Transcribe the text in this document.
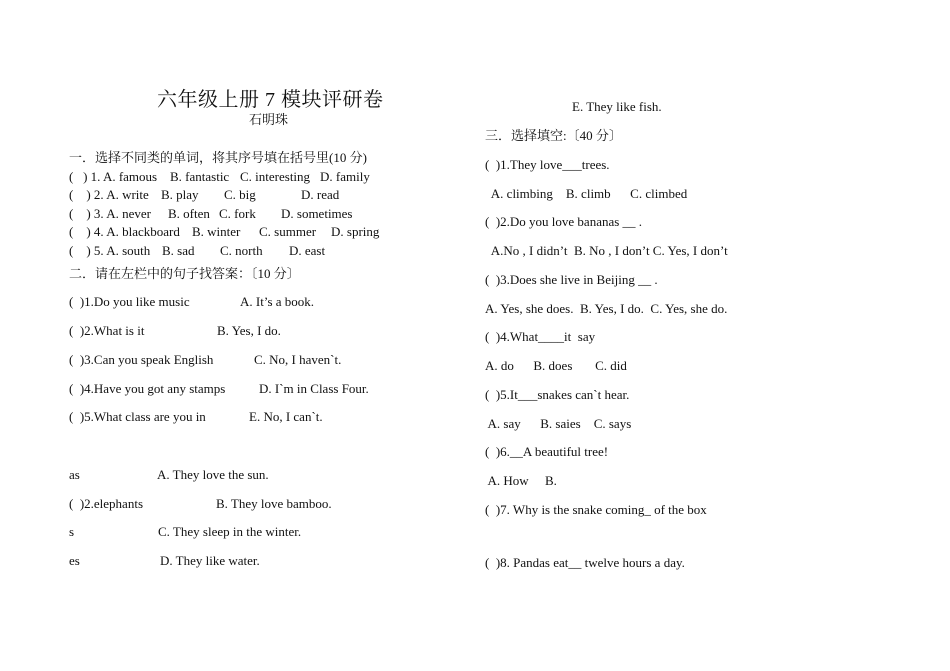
六年级上册 7 模块评研卷
石明珠
一．选择不同类的单词，将其序号填在括号里(10 分)
(   ) 1. A. famous B. fantastic C. interesting D. family
(    ) 2. A. write B. play C. big	D. read
(    ) 3. A. never B. often C. fork D. sometimes
(    ) 4. A. blackboard B. winter C. summer D. spring
(    ) 5. A. south B. sad C. north D. east
二．请在左栏中的句子找答案：〔10 分〕
(  )1.Do you like music	A. It’s a book.
(  )2.What is it	B. Yes, I do.
(  )3.Can you speak English	C. No, I haven`t.
(  )4.Have you got any stamps	D. I`m in Class Four.
(  )5.What class are you in	E. No, I can`t.
as	A. They love the sun.
(  )2.elephants	B. They love bamboo.
s	C. They sleep in the winter.
es	D. They like water.
E. They like fish.
三．选择填空:〔40 分〕
(  )1.They love___trees.
A. climbing    B. climb      C. climbed
(  )2.Do you love bananas __ .
A.No , I didn’t  B. No , I don’t C. Yes, I don’t
(  )3.Does she live in Beijing __ .
A. Yes, she does.  B. Yes, I do.  C. Yes, she do.
(  )4.What____it  say
A. do      B. does       C. did
(  )5.It___snakes can`t hear.
A. say      B. saies    C. says
(  )6.__A beautiful tree!
A. How     B.
(  )7. Why is the snake coming_ of the box
(  )8. Pandas eat__ twelve hours a day.
